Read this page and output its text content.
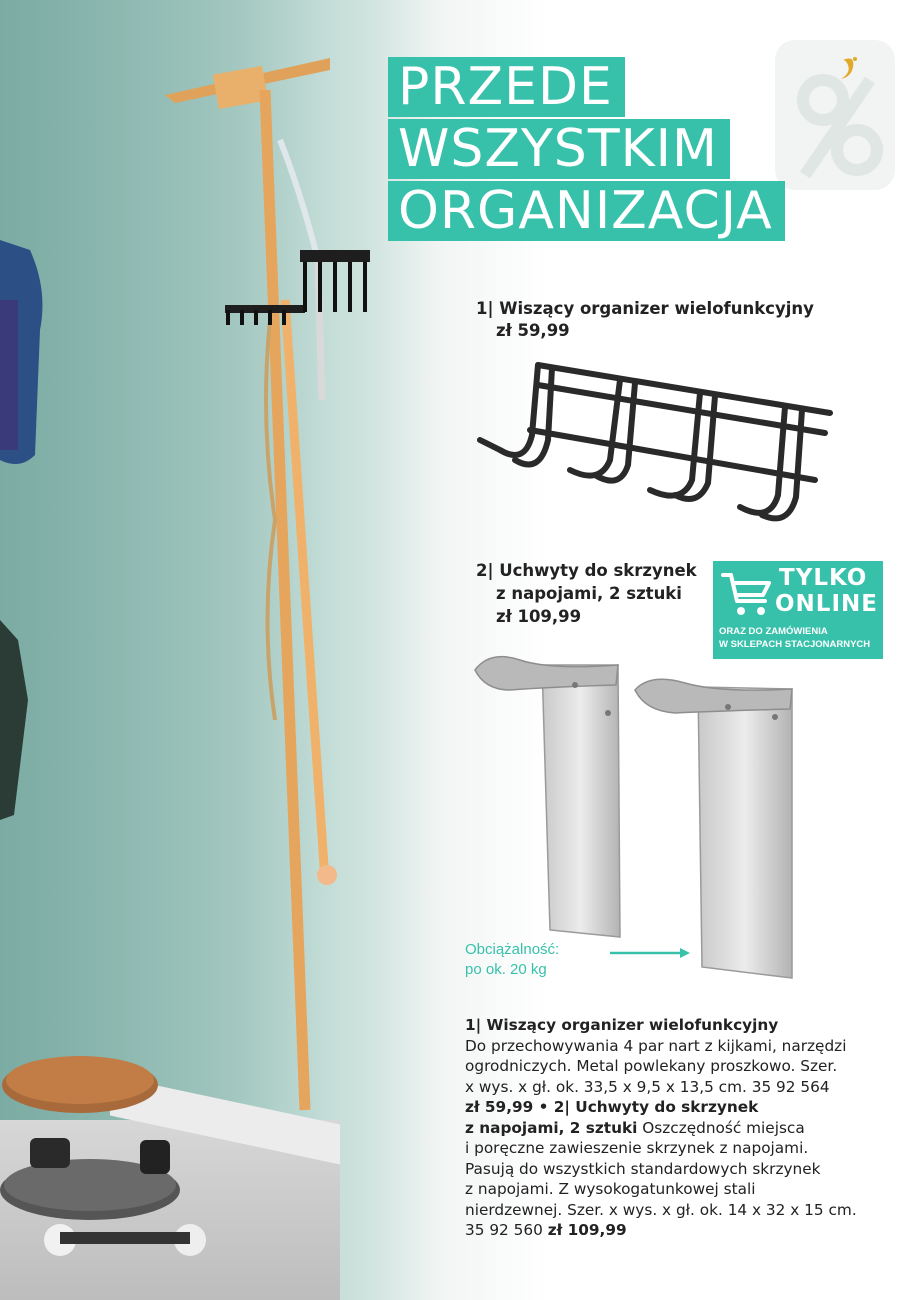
PRZEDE
WSZYSTKIM
ORGANIZACJA
1| Wiszący organizer wielofunkcyjny
zł 59,99
2| Uchwyty do skrzynek
z napojami, 2 sztuki
zł 109,99
TYLKO
ONLINE
ORAZ DO ZAMÓWIENIA
W SKLEPACH STACJONARNYCH
Obciążalność:
po ok. 20 kg
1| Wiszący organizer wielofunkcyjny
Do przechowywania 4 par nart z kijkami, narzędzi
ogrodniczych. Metal powlekany proszkowo. Szer.
x wys. x gł. ok. 33,5 x 9,5 x 13,5 cm. 35 92 564
zł 59,99 • 2| Uchwyty do skrzynek
z napojami, 2 sztuki Oszczędność miejsca
i poręczne zawieszenie skrzynek z napojami.
Pasują do wszystkich standardowych skrzynek
z napojami. Z wysokogatunkowej stali
nierdzewnej. Szer. x wys. x gł. ok. 14 x 32 x 15 cm.
35 92 560 zł 109,99
